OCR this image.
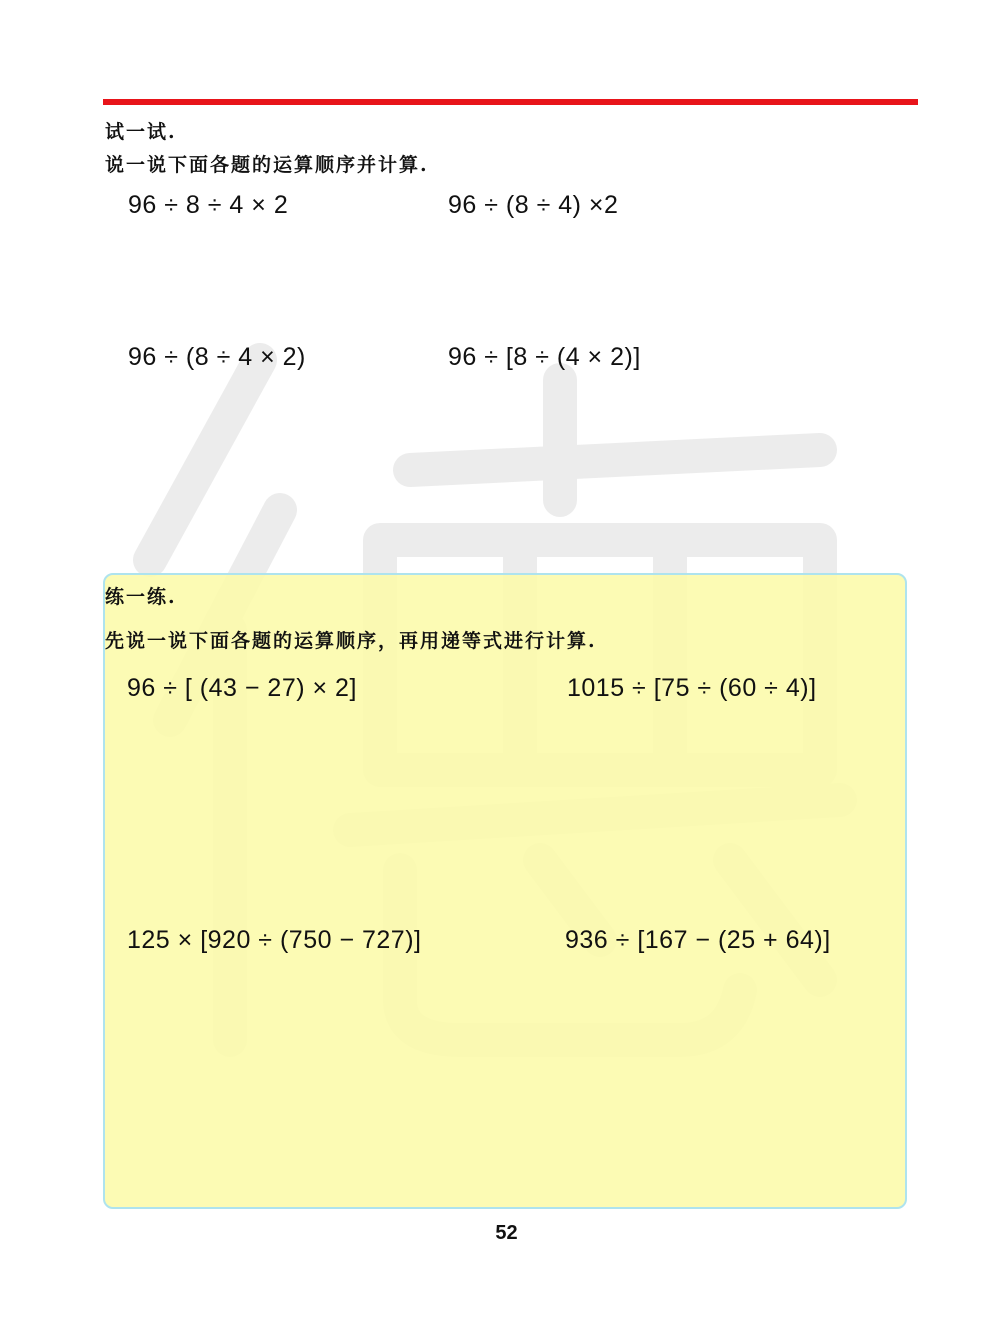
试一试.
说一说下面各题的运算顺序并计算.
96 ÷ 8 ÷ 4 × 2	96 ÷ (8 ÷ 4) ×2
96 ÷ (8 ÷ 4 × 2)	96 ÷ [8 ÷ (4 × 2)]
练一练.
先说一说下面各题的运算顺序，再用递等式进行计算.
96 ÷ [ (43 − 27) × 2]	1015 ÷ [75 ÷ (60 ÷ 4)]
125 × [920 ÷ (750 − 727)]	936 ÷ [167 − (25 + 64)]
52
